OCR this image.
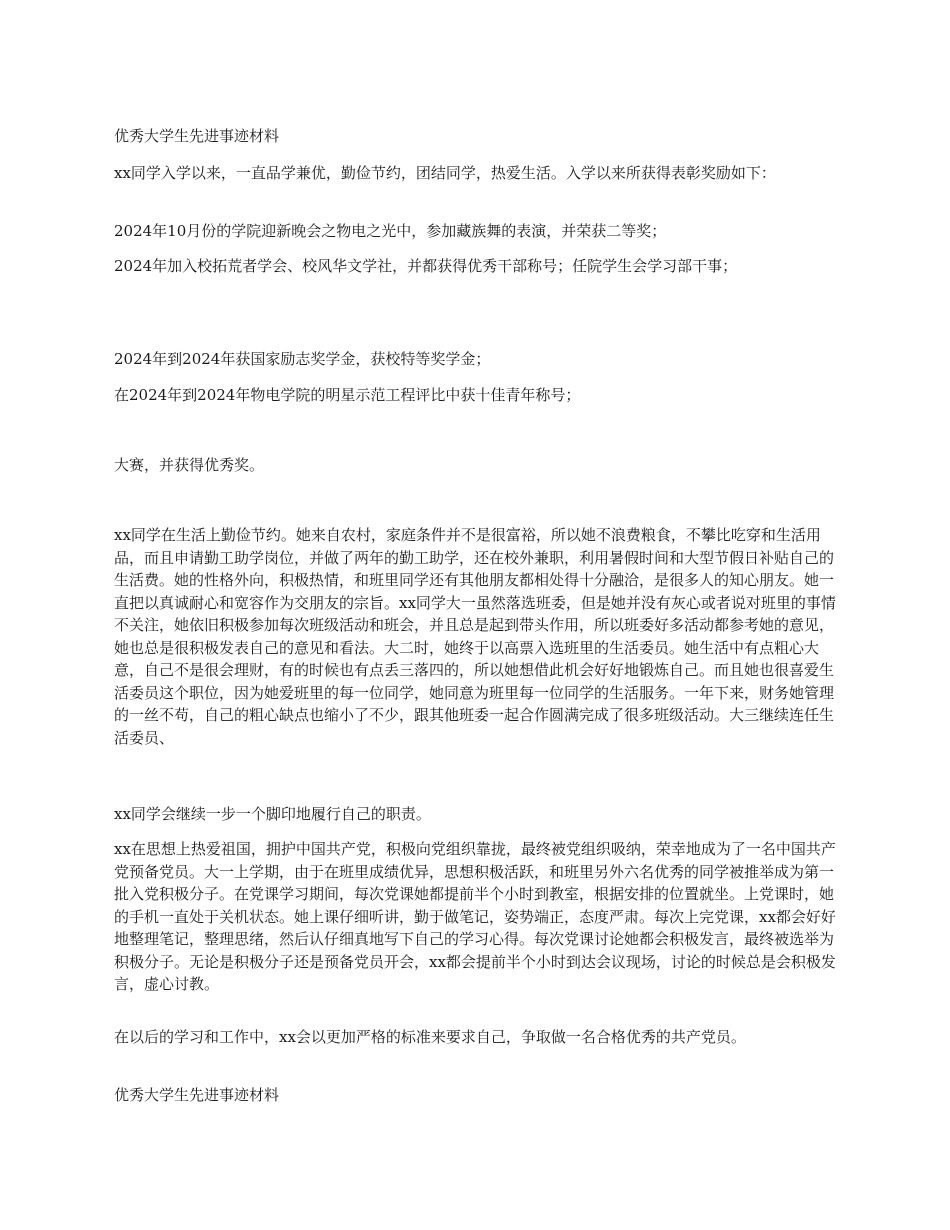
优秀大学生先进事迹材料

xx同学入学以来，一直品学兼优，勤俭节约，团结同学，热爱生活。入学以来所获得表彰奖励如下：

2024年10月份的学院迎新晚会之物电之光中，参加藏族舞的表演，并荣获二等奖；

2024年加入校拓荒者学会、校风华文学社，并都获得优秀干部称号；任院学生会学习部干事；

2024年到2024年获国家励志奖学金，获校特等奖学金；

在2024年到2024年物电学院的明星示范工程评比中获十佳青年称号；

大赛，并获得优秀奖。

xx同学在生活上勤俭节约。她来自农村，家庭条件并不是很富裕，所以她不浪费粮食，不攀比吃穿和生活用品，而且申请勤工助学岗位，并做了两年的勤工助学，还在校外兼职，利用暑假时间和大型节假日补贴自己的生活费。她的性格外向，积极热情，和班里同学还有其他朋友都相处得十分融洽，是很多人的知心朋友。她一直把以真诚耐心和宽容作为交朋友的宗旨。xx同学大一虽然落选班委，但是她并没有灰心或者说对班里的事情不关注，她依旧积极参加每次班级活动和班会，并且总是起到带头作用，所以班委好多活动都参考她的意见，她也总是很积极发表自己的意见和看法。大二时，她终于以高票入选班里的生活委员。她生活中有点粗心大意，自己不是很会理财，有的时候也有点丢三落四的，所以她想借此机会好好地锻炼自己。而且她也很喜爱生活委员这个职位，因为她爱班里的每一位同学，她同意为班里每一位同学的生活服务。一年下来，财务她管理的一丝不苟，自己的粗心缺点也缩小了不少，跟其他班委一起合作圆满完成了很多班级活动。大三继续连任生活委员、

xx同学会继续一步一个脚印地履行自己的职责。

xx在思想上热爱祖国，拥护中国共产党，积极向党组织靠拢，最终被党组织吸纳，荣幸地成为了一名中国共产党预备党员。大一上学期，由于在班里成绩优异，思想积极活跃，和班里另外六名优秀的同学被推举成为第一批入党积极分子。在党课学习期间，每次党课她都提前半个小时到教室，根据安排的位置就坐。上党课时，她的手机一直处于关机状态。她上课仔细听讲，勤于做笔记，姿势端正，态度严肃。每次上完党课，xx都会好好地整理笔记，整理思绪，然后认仔细真地写下自己的学习心得。每次党课讨论她都会积极发言，最终被选举为积极分子。无论是积极分子还是预备党员开会，xx都会提前半个小时到达会议现场，讨论的时候总是会积极发言，虚心讨教。

在以后的学习和工作中，xx会以更加严格的标准来要求自己，争取做一名合格优秀的共产党员。

优秀大学生先进事迹材料
